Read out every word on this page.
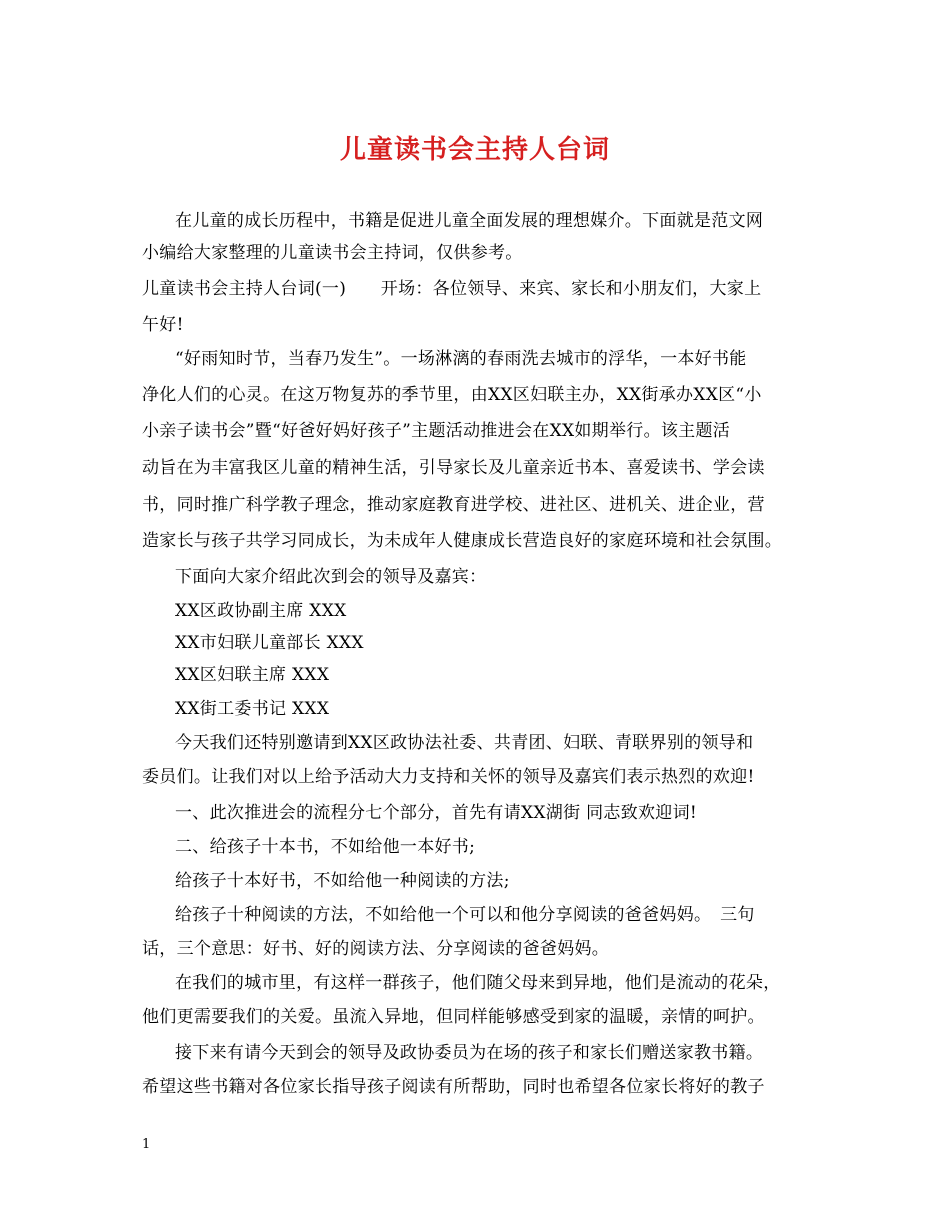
儿童读书会主持人台词
在儿童的成长历程中，书籍是促进儿童全面发展的理想媒介。下面就是范文网
小编给大家整理的儿童读书会主持词，仅供参考。
儿童读书会主持人台词(一)　　开场：各位领导、来宾、家长和小朋友们，大家上
午好!
“好雨知时节，当春乃发生”。一场淋漓的春雨洗去城市的浮华，一本好书能
净化人们的心灵。在这万物复苏的季节里，由XX区妇联主办，XX街承办XX区“小
小亲子读书会”暨“好爸好妈好孩子”主题活动推进会在XX如期举行。该主题活
动旨在为丰富我区儿童的精神生活，引导家长及儿童亲近书本、喜爱读书、学会读
书，同时推广科学教子理念，推动家庭教育进学校、进社区、进机关、进企业，营
造家长与孩子共学习同成长，为未成年人健康成长营造良好的家庭环境和社会氛围。
下面向大家介绍此次到会的领导及嘉宾：
XX区政协副主席 XXX
XX市妇联儿童部长 XXX
XX区妇联主席 XXX
XX街工委书记 XXX
今天我们还特别邀请到XX区政协法社委、共青团、妇联、青联界别的领导和
委员们。让我们对以上给予活动大力支持和关怀的领导及嘉宾们表示热烈的欢迎!
一、此次推进会的流程分七个部分，首先有请XX湖街 同志致欢迎词!
二、给孩子十本书，不如给他一本好书;
给孩子十本好书，不如给他一种阅读的方法;
给孩子十种阅读的方法，不如给他一个可以和他分享阅读的爸爸妈妈。　三句
话，三个意思：好书、好的阅读方法、分享阅读的爸爸妈妈。
在我们的城市里，有这样一群孩子，他们随父母来到异地，他们是流动的花朵，
他们更需要我们的关爱。虽流入异地，但同样能够感受到家的温暖，亲情的呵护。
接下来有请今天到会的领导及政协委员为在场的孩子和家长们赠送家教书籍。
希望这些书籍对各位家长指导孩子阅读有所帮助，同时也希望各位家长将好的教子
1
